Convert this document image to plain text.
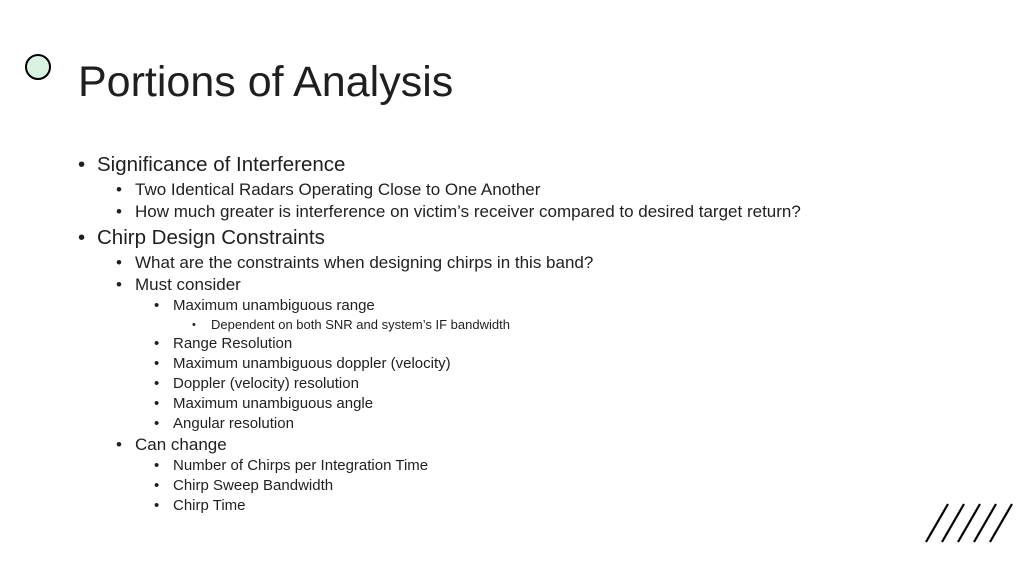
Portions of Analysis
• Significance of Interference
• Two Identical Radars Operating Close to One Another
• How much greater is interference on victim’s receiver compared to desired target return?
• Chirp Design Constraints
• What are the constraints when designing chirps in this band?
• Must consider
• Maximum unambiguous range
• Dependent on both SNR and system’s IF bandwidth
• Range Resolution
• Maximum unambiguous doppler (velocity)
• Doppler (velocity) resolution
• Maximum unambiguous angle
• Angular resolution
• Can change
• Number of Chirps per Integration Time
• Chirp Sweep Bandwidth
• Chirp Time
